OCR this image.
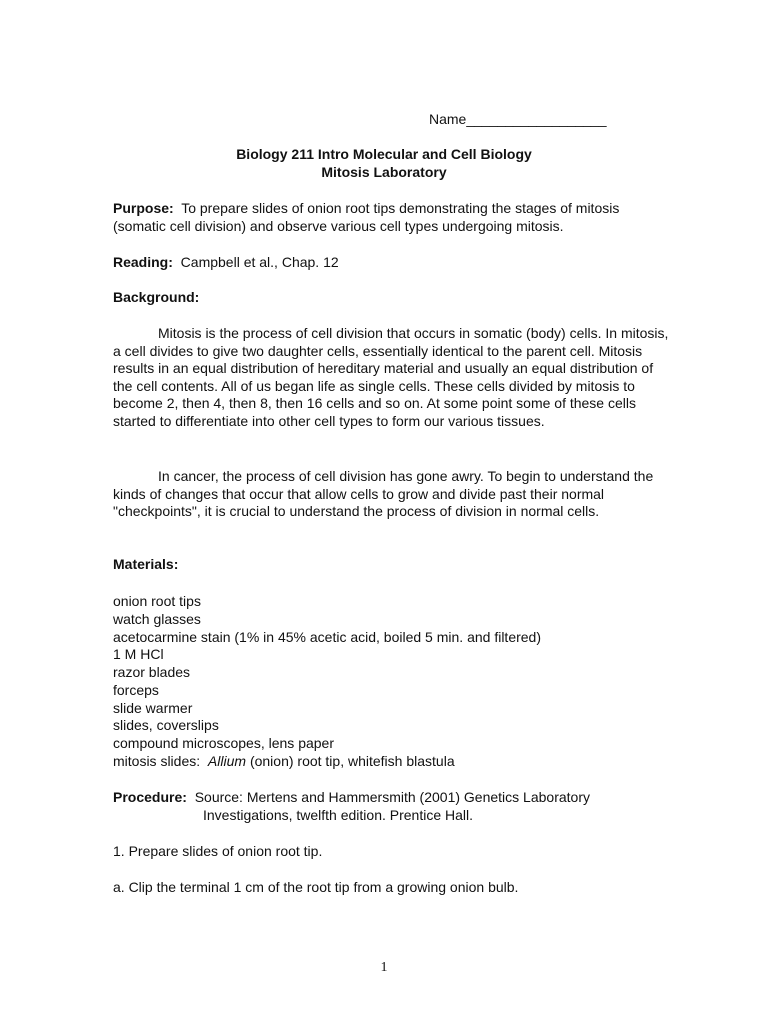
Name__________________
Biology 211 Intro Molecular and Cell Biology
Mitosis Laboratory
Purpose: To prepare slides of onion root tips demonstrating the stages of mitosis (somatic cell division) and observe various cell types undergoing mitosis.
Reading: Campbell et al., Chap. 12
Background:

Mitosis is the process of cell division that occurs in somatic (body) cells. In mitosis, a cell divides to give two daughter cells, essentially identical to the parent cell. Mitosis results in an equal distribution of hereditary material and usually an equal distribution of the cell contents. All of us began life as single cells. These cells divided by mitosis to become 2, then 4, then 8, then 16 cells and so on. At some point some of these cells started to differentiate into other cell types to form our various tissues.

In cancer, the process of cell division has gone awry. To begin to understand the kinds of changes that occur that allow cells to grow and divide past their normal "checkpoints", it is crucial to understand the process of division in normal cells.

Materials:
onion root tips
watch glasses
acetocarmine stain (1% in 45% acetic acid, boiled 5 min. and filtered)
1 M HCl
razor blades
forceps
slide warmer
slides, coverslips
compound microscopes, lens paper
mitosis slides: Allium (onion) root tip, whitefish blastula
Procedure: Source: Mertens and Hammersmith (2001) Genetics Laboratory
Investigations, twelfth edition. Prentice Hall.
1. Prepare slides of onion root tip.
a. Clip the terminal 1 cm of the root tip from a growing onion bulb.
1
